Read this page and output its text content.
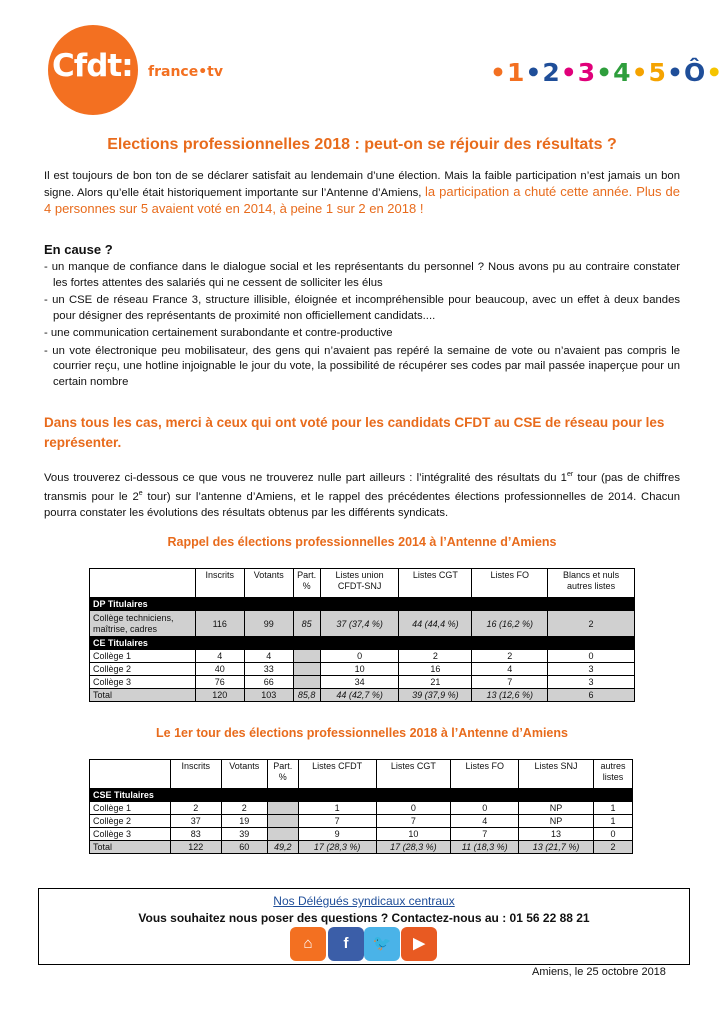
Cfdt: france•tv	•1•2•3•4•5•Ô•
Elections professionnelles 2018 : peut-on se réjouir des résultats ?

Il est toujours de bon ton de se déclarer satisfait au lendemain d’une élection. Mais la faible participation n’est jamais un bon signe. Alors qu’elle était historiquement importante sur l’Antenne d’Amiens, la participation a chuté cette année. Plus de 4 personnes sur 5 avaient voté en 2014, à peine 1 sur 2 en 2018 !

En cause ?
- un manque de confiance dans le dialogue social et les représentants du personnel ? Nous avons pu au contraire constater les fortes attentes des salariés qui ne cessent de solliciter les élus
- un CSE de réseau France 3, structure illisible, éloignée et incompréhensible pour beaucoup, avec un effet à deux bandes pour désigner des représentants de proximité non officiellement candidats....
- une communication certainement surabondante et contre-productive
- un vote électronique peu mobilisateur, des gens qui n’avaient pas repéré la semaine de vote ou n’avaient pas compris le courrier reçu, une hotline injoignable le jour du vote, la possibilité de récupérer ses codes par mail passée inaperçue pour un certain nombre
Dans tous les cas, merci à ceux qui ont voté pour les candidats CFDT au CSE de réseau pour les représenter.

Vous trouverez ci-dessous ce que vous ne trouverez nulle part ailleurs : l’intégralité des résultats du 1er tour (pas de chiffres transmis pour le 2e tour) sur l’antenne d’Amiens, et le rappel des précédentes élections professionnelles de 2014. Chacun pourra constater les évolutions des résultats obtenus par les différents syndicats.

Rappel des élections professionnelles 2014 à l’Antenne d’Amiens
	Inscrits	Votants	Part. %	Listes union CFDT-SNJ	Listes CGT	Listes FO	Blancs et nuls autres listes
DP Titulaires							
Collège techniciens, maîtrise, cadres	116	99	85	37 (37,4 %)	44 (44,4 %)	16 (16,2 %)	2
CE Titulaires							
Collège 1	4	4		0	2	2	0
Collège 2	40	33		10	16	4	3
Collège 3	76	66		34	21	7	3
Total	120	103	85,8	44 (42,7 %)	39 (37,9 %)	13 (12,6 %)	6
Le 1er tour des élections professionnelles 2018 à l’Antenne d’Amiens
	Inscrits	Votants	Part. %	Listes CFDT	Listes CGT	Listes FO	Listes SNJ	autres listes
CSE Titulaires								
Collège 1	2	2		1	0	0	NP	1
Collège 2	37	19		7	7	4	NP	1
Collège 3	83	39		9	10	7	13	0
Total	122	60	49,2	17 (28,3 %)	17 (28,3 %)	11 (18,3 %)	13 (21,7 %)	2
Nos Délégués syndicaux centraux
Vous souhaitez nous poser des questions ? Contactez-nous au : 01 56 22 88 21
⌂	f	🐦	▶
Amiens, le 25 octobre 2018
